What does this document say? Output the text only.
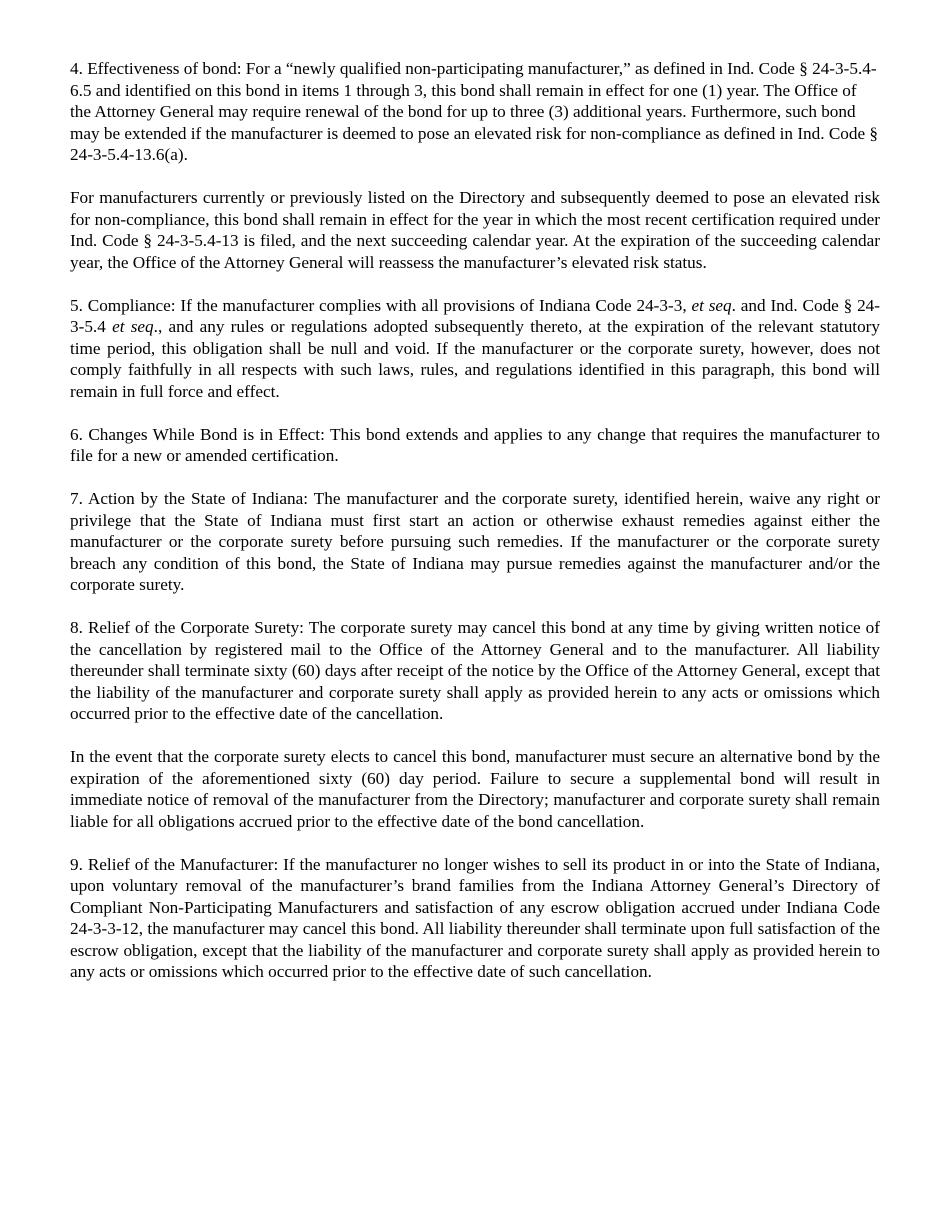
4. Effectiveness of bond: For a “newly qualified non-participating manufacturer,” as defined in Ind. Code § 24-3-5.4-6.5 and identified on this bond in items 1 through 3, this bond shall remain in effect for one (1) year. The Office of the Attorney General may require renewal of the bond for up to three (3) additional years. Furthermore, such bond may be extended if the manufacturer is deemed to pose an elevated risk for non-compliance as defined in Ind. Code § 24-3-5.4-13.6(a).

For manufacturers currently or previously listed on the Directory and subsequently deemed to pose an elevated risk for non-compliance, this bond shall remain in effect for the year in which the most recent certification required under Ind. Code § 24-3-5.4-13 is filed, and the next succeeding calendar year. At the expiration of the succeeding calendar year, the Office of the Attorney General will reassess the manufacturer’s elevated risk status.

5. Compliance: If the manufacturer complies with all provisions of Indiana Code 24-3-3, et seq. and Ind. Code § 24-3-5.4 et seq., and any rules or regulations adopted subsequently thereto, at the expiration of the relevant statutory time period, this obligation shall be null and void. If the manufacturer or the corporate surety, however, does not comply faithfully in all respects with such laws, rules, and regulations identified in this paragraph, this bond will remain in full force and effect.

6. Changes While Bond is in Effect: This bond extends and applies to any change that requires the manufacturer to file for a new or amended certification.

7. Action by the State of Indiana: The manufacturer and the corporate surety, identified herein, waive any right or privilege that the State of Indiana must first start an action or otherwise exhaust remedies against either the manufacturer or the corporate surety before pursuing such remedies. If the manufacturer or the corporate surety breach any condition of this bond, the State of Indiana may pursue remedies against the manufacturer and/or the corporate surety.

8. Relief of the Corporate Surety: The corporate surety may cancel this bond at any time by giving written notice of the cancellation by registered mail to the Office of the Attorney General and to the manufacturer. All liability thereunder shall terminate sixty (60) days after receipt of the notice by the Office of the Attorney General, except that the liability of the manufacturer and corporate surety shall apply as provided herein to any acts or omissions which occurred prior to the effective date of the cancellation.

In the event that the corporate surety elects to cancel this bond, manufacturer must secure an alternative bond by the expiration of the aforementioned sixty (60) day period. Failure to secure a supplemental bond will result in immediate notice of removal of the manufacturer from the Directory; manufacturer and corporate surety shall remain liable for all obligations accrued prior to the effective date of the bond cancellation.

9. Relief of the Manufacturer: If the manufacturer no longer wishes to sell its product in or into the State of Indiana, upon voluntary removal of the manufacturer’s brand families from the Indiana Attorney General’s Directory of Compliant Non-Participating Manufacturers and satisfaction of any escrow obligation accrued under Indiana Code 24-3-3-12, the manufacturer may cancel this bond. All liability thereunder shall terminate upon full satisfaction of the escrow obligation, except that the liability of the manufacturer and corporate surety shall apply as provided herein to any acts or omissions which occurred prior to the effective date of such cancellation.
